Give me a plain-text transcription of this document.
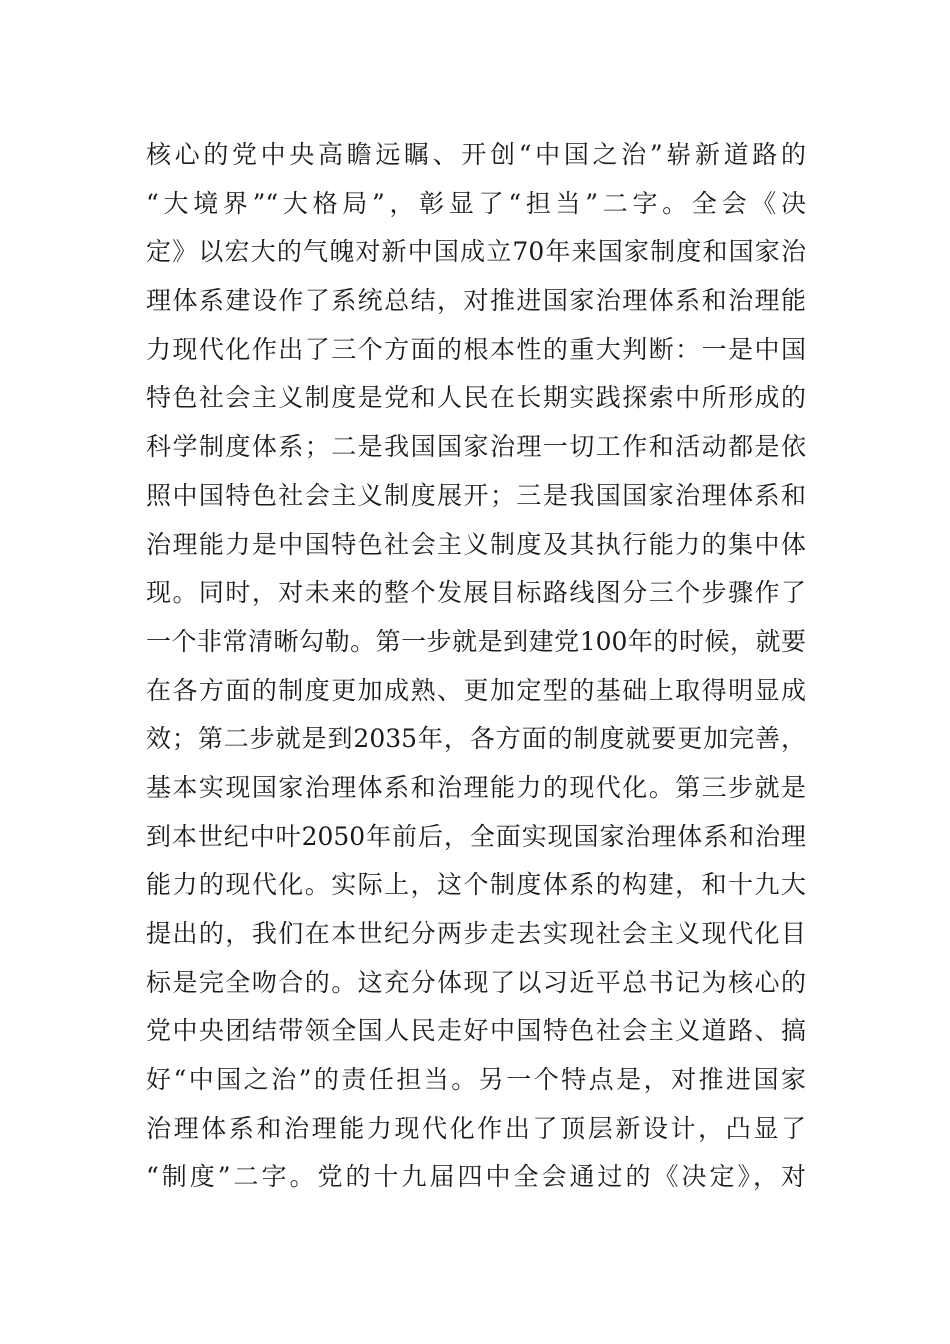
核心的党中央高瞻远瞩、开创“中国之治”崭新道路的
“大境界”“大格局”，彰显了“担当”二字。全会《决
定》以宏大的气魄对新中国成立70年来国家制度和国家治
理体系建设作了系统总结，对推进国家治理体系和治理能
力现代化作出了三个方面的根本性的重大判断：一是中国
特色社会主义制度是党和人民在长期实践探索中所形成的
科学制度体系；二是我国国家治理一切工作和活动都是依
照中国特色社会主义制度展开；三是我国国家治理体系和
治理能力是中国特色社会主义制度及其执行能力的集中体
现。同时，对未来的整个发展目标路线图分三个步骤作了
一个非常清晰勾勒。第一步就是到建党100年的时候，就要
在各方面的制度更加成熟、更加定型的基础上取得明显成
效；第二步就是到2035年，各方面的制度就要更加完善，
基本实现国家治理体系和治理能力的现代化。第三步就是
到本世纪中叶2050年前后，全面实现国家治理体系和治理
能力的现代化。实际上，这个制度体系的构建，和十九大
提出的，我们在本世纪分两步走去实现社会主义现代化目
标是完全吻合的。这充分体现了以习近平总书记为核心的
党中央团结带领全国人民走好中国特色社会主义道路、搞
好“中国之治”的责任担当。另一个特点是，对推进国家
治理体系和治理能力现代化作出了顶层新设计，凸显了
“制度”二字。党的十九届四中全会通过的《决定》，对
